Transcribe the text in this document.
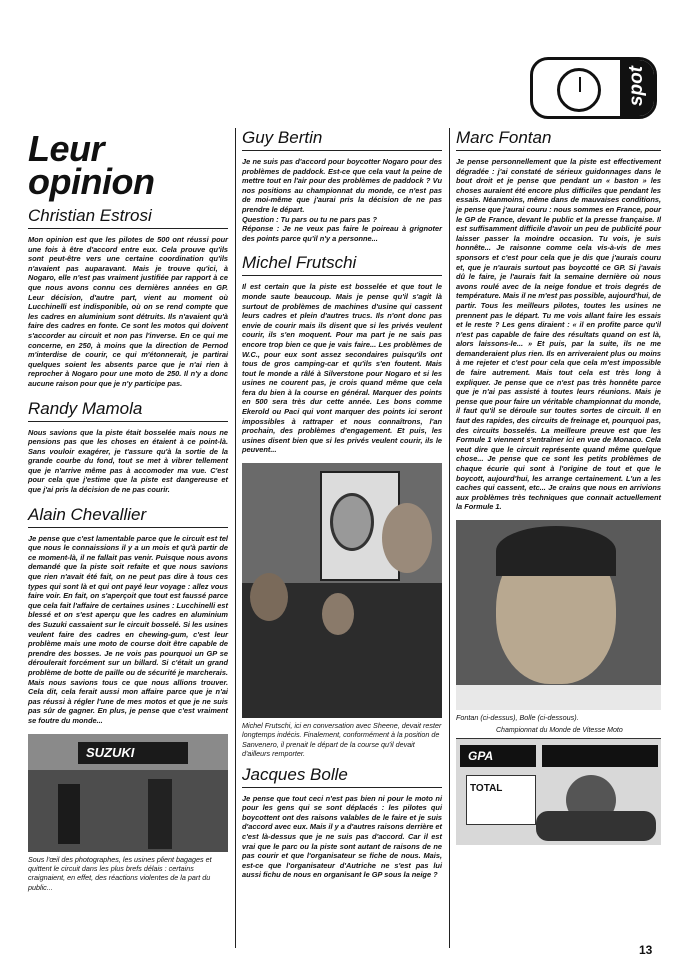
spot
Leur
opinion
Christian Estrosi

Mon opinion est que les pilotes de 500 ont réussi pour une fois à être d'accord entre eux. Cela prouve qu'ils sont peut-être vers une certaine coordination qu'ils n'avaient pas auparavant. Mais je trouve qu'ici, à Nogaro, elle n'est pas vraiment justifiée par rapport à ce que nous avons connu ces dernières années en GP. Leur décision, d'autre part, vient au moment où Lucchinelli est indisponible, où on se rend compte que les cadres en aluminium sont détruits. Ils n'avaient qu'à faire des cadres en fonte. Ce sont les motos qui doivent s'accorder au circuit et non pas l'inverse. En ce qui me concerne, en 250, à moins que la direction de Pernod m'interdise de courir, ce qui m'étonnerait, je partirai quelques soient les absents parce que je n'ai rien à reprocher à Nogaro pour une moto de 250. Il n'y a donc aucune raison pour que je n'y participe pas.

Randy Mamola

Nous savions que la piste était bosselée mais nous ne pensions pas que les choses en étaient à ce point-là. Sans vouloir exagérer, je t'assure qu'à la sortie de la grande courbe du fond, tout se met à vibrer tellement que je n'arrive même pas à accomoder ma vue. C'est pour cela que j'estime que la piste est dangereuse et que j'ai pris la décision de ne pas courir.

Alain Chevallier

Je pense que c'est lamentable parce que le circuit est tel que nous le connaissions il y a un mois et qu'à partir de ce moment-là, il ne fallait pas venir. Puisque nous avons demandé que la piste soit refaite et que nous savions que rien n'avait été fait, on ne peut pas dire à tous ces types qui sont là et qui ont payé leur voyage : allez vous faire voir. En fait, on s'aperçoit que tout est faussé parce que cela fait l'affaire de certaines usines : Lucchinelli est blessé et on s'est aperçu que les cadres en aluminium des Suzuki cassaient sur le circuit bosselé. Si les usines veulent faire des cadres en chewing-gum, c'est leur problème mais une moto de course doit être capable de prendre des bosses. Je ne vois pas pourquoi un GP se déroulerait forcément sur un billard. Si c'était un grand problème de botte de paille ou de sécurité je marcherais. Mais nous savions tous ce que nous allions trouver. Cela dit, cela ferait aussi mon affaire parce que je n'ai pas réussi à régler l'une de mes motos et que je ne suis pas sûr de gagner. En plus, je pense que c'est vraiment se foutre du monde...

SUZUKI
Sous l'œil des photographes, les usines plient bagages et quittent le circuit dans les plus brefs délais : certains craignaient, en effet, des réactions violentes de la part du public...
Guy Bertin

Je ne suis pas d'accord pour boycotter Nogaro pour des problèmes de paddock. Est-ce que cela vaut la peine de mettre tout en l'air pour des problèmes de paddock ? Vu nos positions au championnat du monde, ce n'est pas de moi-même que j'aurai pris la décision de ne pas prendre le départ.

Question : Tu pars ou tu ne pars pas ?

Réponse : Je ne veux pas faire le poireau à grignoter des points parce qu'il n'y a personne...

Michel Frutschi

Il est certain que la piste est bosselée et que tout le monde saute beaucoup. Mais je pense qu'il s'agit là surtout de problèmes de machines d'usine qui cassent leurs cadres et plein d'autres trucs. Ils n'ont donc pas envie de courir mais ils disent que si les privés veulent courir, ils s'en moquent. Pour ma part je ne sais pas encore trop bien ce que je vais faire... Les problèmes de W.C., pour eux sont assez secondaires puisqu'ils ont tous de gros camping-car et qu'ils s'en foutent. Mais tout le monde a râlé à Silverstone pour Nogaro et si les usines ne courent pas, je crois quand même que cela fera du bien à la course en général. Marquer des points en 500 sera très dur cette année. Les bons comme Ekerold ou Paci qui vont marquer des points ici seront impossibles à rattraper et nous connaîtrons, l'an prochain, des problèmes d'engagement. Et puis, les usines disent bien que si les privés veulent courir, ils le peuvent...

Michel Frutschi, ici en conversation avec Sheene, devait rester longtemps indécis. Finalement, conformément à la position de Sanvenero, il prenait le départ de la course qu'il devait d'ailleurs remporter.
Jacques Bolle

Je pense que tout ceci n'est pas bien ni pour le moto ni pour les gens qui se sont déplacés : les pilotes qui boycottent ont des raisons valables de le faire et je suis d'accord avec eux. Mais il y a d'autres raisons derrière et c'est là-dessus que je ne suis pas d'accord. Car il est vrai que le parc ou la piste sont autant de raisons de ne pas courir et que l'organisateur se fiche de nous. Mais, est-ce que l'organisateur d'Autriche ne s'est pas lui aussi fichu de nous en organisant le GP sous la neige ?

Marc Fontan

Je pense personnellement que la piste est effectivement dégradée : j'ai constaté de sérieux guidonnages dans le bout droit et je pense que pendant un « baston » les choses auraient été encore plus difficiles que pendant les essais. Néanmoins, même dans de mauvaises conditions, je pense que j'aurai couru : nous sommes en France, pour le GP de France, devant le public et la presse française. Il est suffisamment difficile d'avoir un peu de publicité pour laisser passer la moindre occasion. Tu vois, je suis honnête... Je raisonne comme cela vis-à-vis de mes sponsors et c'est pour cela que je dis que j'aurais couru et, que je n'aurais surtout pas boycotté ce GP. Si j'avais dû le faire, je l'aurais fait la semaine dernière où nous avons roulé avec de la neige fondue et trois degrés de température. Mais il ne m'est pas possible, aujourd'hui, de partir. Tous les meilleurs pilotes, toutes les usines ne prennent pas le départ. Tu me vois allant faire les essais et le reste ? Les gens diraient : « il en profite parce qu'il n'est pas capable de faire des résultats quand on est là, alors laissons-le... » Et puis, par la suite, ils ne me demanderaient plus rien. Ils en arriveraient plus ou moins à me rejeter et c'est pour cela que cela m'est impossible de faire autrement. Mais tout cela est très long à expliquer. Je pense que ce n'est pas très honnête parce que je n'ai pas assisté à toutes leurs réunions. Mais je pense que pour faire un véritable championnat du monde, il faut qu'il se déroule sur toutes sortes de circuit. Il en faut des rapides, des circuits de freinage et, pourquoi pas, des circuits bosselés. La meilleure preuve est que les Formule 1 viennent s'entraîner ici en vue de Monaco. Cela veut dire que le circuit représente quand même quelque chose... Je pense que ce sont les petits problèmes de chaque écurie qui sont à l'origine de tout et que le boycott, aujourd'hui, les arrange certainement. L'un a les caches qui cassent, etc... Je crains que nous en arrivions aux problèmes très techniques que connait actuellement la Formule 1.

Fontan (ci-dessus), Bolle (ci-dessous).
Championnat du Monde de Vitesse Moto
GPA
TOTAL
13
